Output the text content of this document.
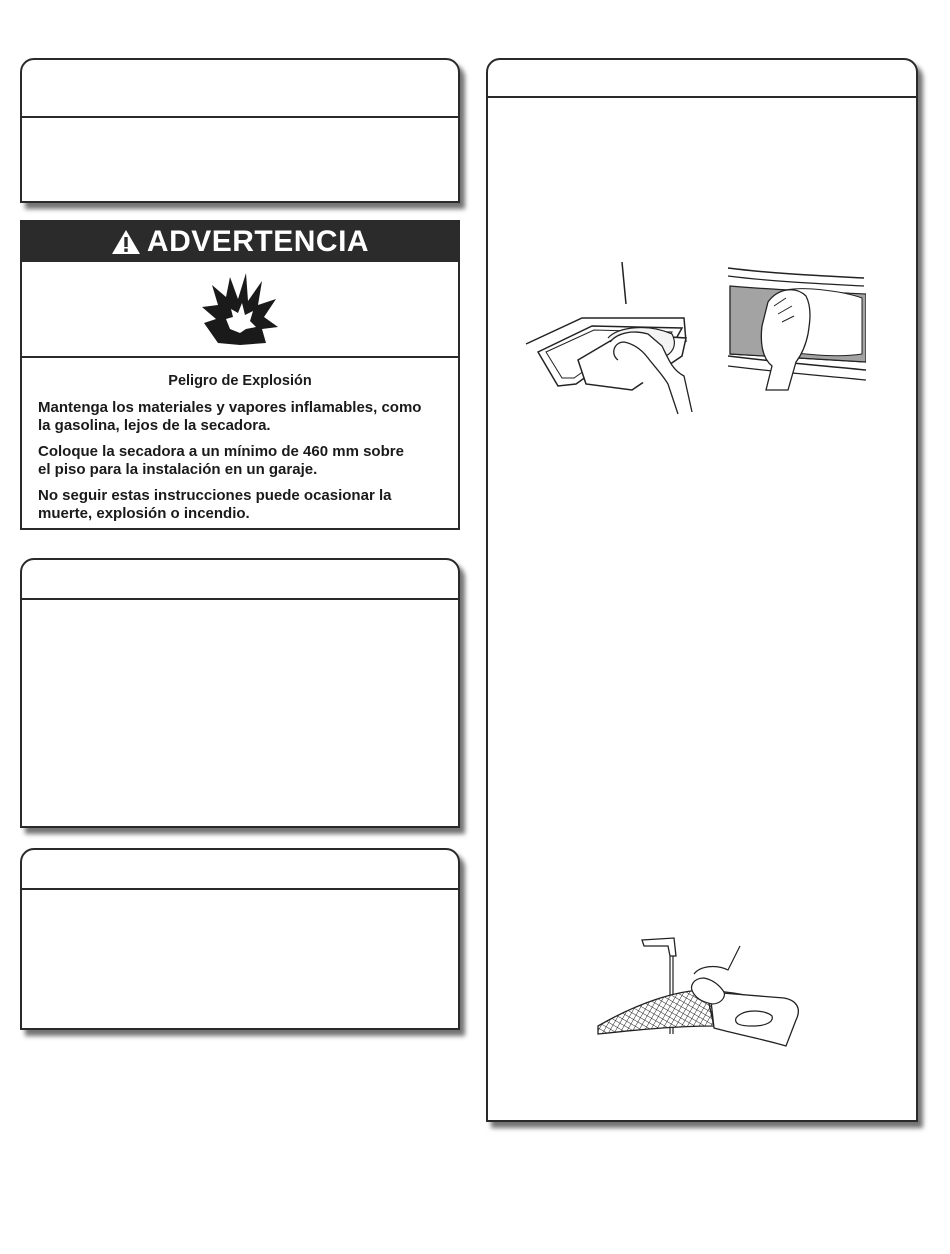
ADVERTENCIA
Peligro de Explosión

Mantenga los materiales y vapores inflamables, como la gasolina, lejos de la secadora.

Coloque la secadora a un mínimo de 460 mm sobre el piso para la instalación en un garaje.

No seguir estas instrucciones puede ocasionar la muerte, explosión o incendio.
